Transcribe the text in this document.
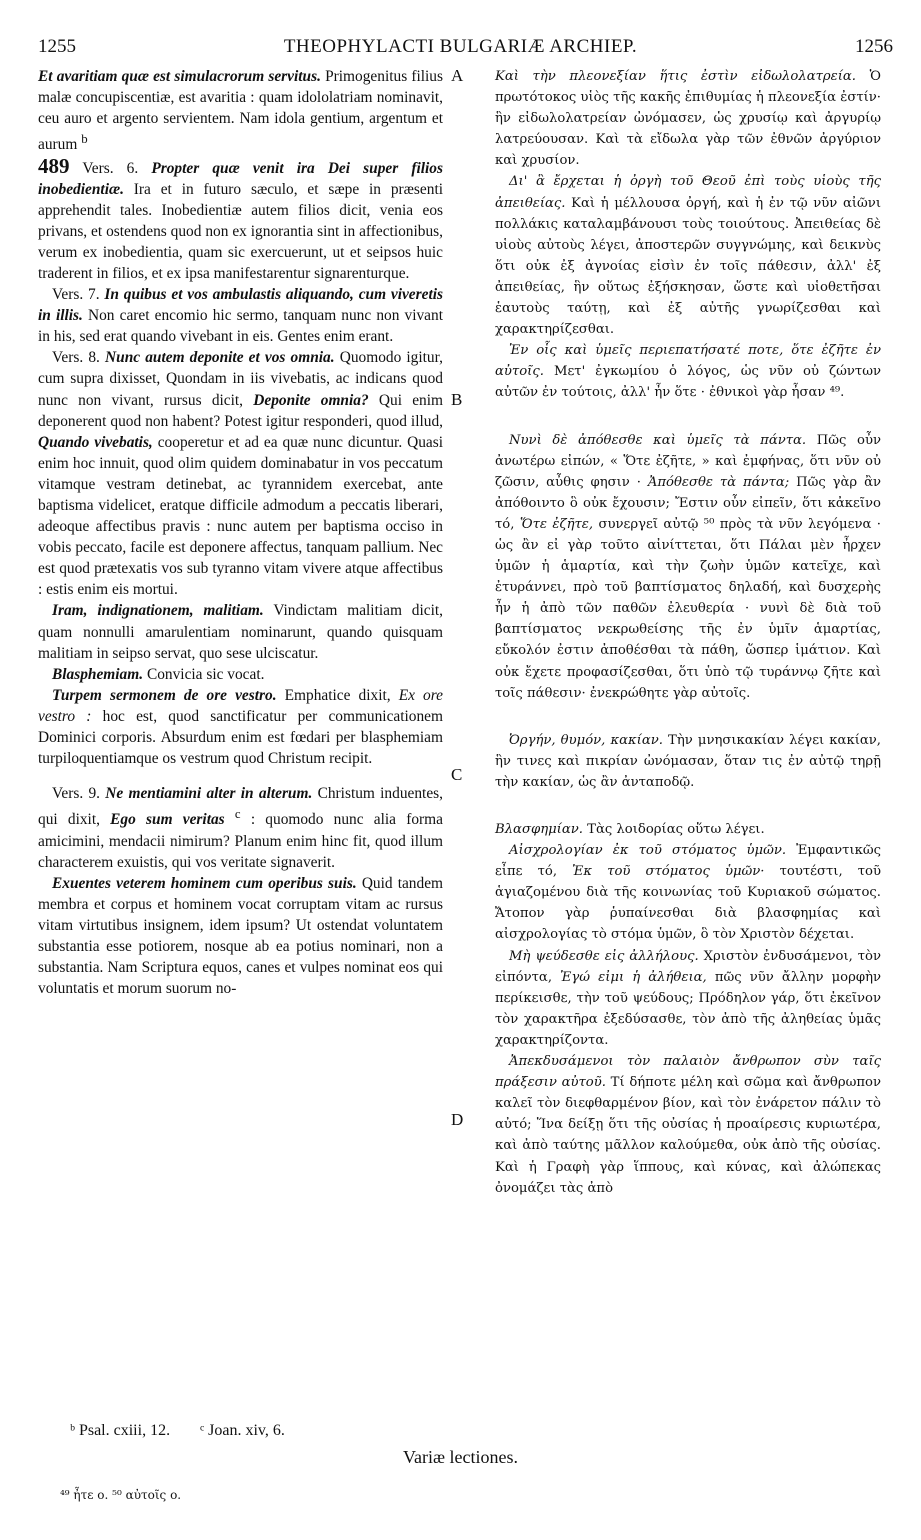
1255	THEOPHYLACTI BULGARIÆ ARCHIEP.	1256
A
B
C
D

Et avaritiam quæ est simulacrorum servitus. Primogenitus filius malæ concupiscentiæ, est avaritia : quam idololatriam nominavit, ceu auro et argento servientem. Nam idola gentium, argentum et aurum $^b$

489 Vers. 6. Propter quæ venit ira Dei super filios inobedientiæ. Ira et in futuro sæculo, et sæpe in præsenti apprehendit tales. Inobedientiæ autem filios dicit, venia eos privans, et ostendens quod non ex ignorantia sint in affectionibus, verum ex inobedientia, quam sic exercuerunt, ut et seipsos huic traderent in filios, et ex ipsa manifestarentur signarenturque.

Vers. 7. In quibus et vos ambulastis aliquando, cum viveretis in illis. Non caret encomio hic sermo, tanquam nunc non vivant in his, sed erat quando vivebant in eis. Gentes enim erant.

Vers. 8. Nunc autem deponite et vos omnia. Quomodo igitur, cum supra dixisset, Quondam in iis vivebatis, ac indicans quod nunc non vivant, rursus dicit, Deponite omnia? Qui enim deponerent quod non habent? Potest igitur responderi, quod illud, Quando vivebatis, cooperetur et ad ea quæ nunc dicuntur. Quasi enim hoc innuit, quod olim quidem dominabatur in vos peccatum vitamque vestram detinebat, ac tyrannidem exercebat, ante baptisma videlicet, eratque difficile admodum a peccatis liberari, adeoque affectibus pravis : nunc autem per baptisma occiso in vobis peccato, facile est deponere affectus, tanquam pallium. Nec est quod prætexatis vos sub tyranno vitam vivere atque affectibus : estis enim eis mortui.

Iram, indignationem, malitiam. Vindictam malitiam dicit, quam nonnulli amarulentiam nominarunt, quando quisquam malitiam in seipso servat, quo sese ulciscatur.

Blasphemiam. Convicia sic vocat.

Turpem sermonem de ore vestro. Emphatice dixit, Ex ore vestro : hoc est, quod sanctificatur per communicationem Dominici corporis. Absurdum enim est fœdari per blasphemiam turpiloquentiamque os vestrum quod Christum recipit.

Vers. 9. Ne mentiamini alter in alterum. Christum induentes, qui dixit, Ego sum veritas $^c$ : quomodo nunc alia forma amicimini, mendacii nimirum? Planum enim hinc fit, quod illum characterem exuistis, qui vos veritate signaverit.

Exuentes veterem hominem cum operibus suis. Quid tandem membra et corpus et hominem vocat corruptam vitam ac rursus vitam virtutibus insignem, idem ipsum? Ut ostendat voluntatem substantia esse potiorem, nosque ab ea potius nominari, non a substantia. Nam Scriptura equos, canes et vulpes nominat eos qui voluntatis et morum suorum no-

Καὶ τὴν πλεονεξίαν ἥτις ἐστὶν εἰδωλολατρεία. Ὁ πρωτότοκος υἱὸς τῆς κακῆς ἐπιθυμίας ἡ πλεονεξία ἐστίν· ἣν εἰδωλολατρείαν ὠνόμασεν, ὡς χρυσίῳ καὶ ἀργυρίῳ λατρεύουσαν. Καὶ τὰ εἴδωλα γὰρ τῶν ἐθνῶν ἀργύριον καὶ χρυσίον.

Δι' ἃ ἔρχεται ἡ ὀργὴ τοῦ Θεοῦ ἐπὶ τοὺς υἱοὺς τῆς ἀπειθείας. Καὶ ἡ μέλλουσα ὀργή, καὶ ἡ ἐν τῷ νῦν αἰῶνι πολλάκις καταλαμβάνουσι τοὺς τοιούτους. Ἀπειθείας δὲ υἱοὺς αὐτοὺς λέγει, ἀποστερῶν συγγνώμης, καὶ δεικνὺς ὅτι οὐκ ἐξ ἀγνοίας εἰσὶν ἐν τοῖς πάθεσιν, ἀλλ' ἐξ ἀπειθείας, ἣν οὕτως ἐξήσκησαν, ὥστε καὶ υἱοθετῆσαι ἑαυτοὺς ταύτῃ, καὶ ἐξ αὐτῆς γνωρίζεσθαι καὶ χαρακτηρίζεσθαι.

Ἐν οἷς καὶ ὑμεῖς περιεπατήσατέ ποτε, ὅτε ἐζῆτε ἐν αὐτοῖς. Μετ' ἐγκωμίου ὁ λόγος, ὡς νῦν οὐ ζώντων αὐτῶν ἐν τούτοις, ἀλλ' ἦν ὅτε · ἐθνικοὶ γὰρ ἦσαν ⁴⁹.

Νυνὶ δὲ ἀπόθεσθε καὶ ὑμεῖς τὰ πάντα. Πῶς οὖν ἀνωτέρω εἰπών, « Ὅτε ἐζῆτε, » καὶ ἐμφήνας, ὅτι νῦν οὐ ζῶσιν, αὖθις φησιν · Ἀπόθεσθε τὰ πάντα; Πῶς γὰρ ἂν ἀπόθοιντο ὃ οὐκ ἔχουσιν; Ἔστιν οὖν εἰπεῖν, ὅτι κἀκεῖνο τό, Ὅτε ἐζῆτε, συνεργεῖ αὐτῷ ⁵⁰ πρὸς τὰ νῦν λεγόμενα · ὡς ἂν εἰ γὰρ τοῦτο αἰνίττεται, ὅτι Πάλαι μὲν ἦρχεν ὑμῶν ἡ ἁμαρτία, καὶ τὴν ζωὴν ὑμῶν κατεῖχε, καὶ ἐτυράννει, πρὸ τοῦ βαπτίσματος δηλαδή, καὶ δυσχερὴς ἦν ἡ ἀπὸ τῶν παθῶν ἐλευθερία · νυνὶ δὲ διὰ τοῦ βαπτίσματος νεκρωθείσης τῆς ἐν ὑμῖν ἁμαρτίας, εὔκολόν ἐστιν ἀποθέσθαι τὰ πάθη, ὥσπερ ἱμάτιον. Καὶ οὐκ ἔχετε προφασίζεσθαι, ὅτι ὑπὸ τῷ τυράννῳ ζῆτε καὶ τοῖς πάθεσιν· ἐνεκρώθητε γὰρ αὐτοῖς.

Ὀργήν, θυμόν, κακίαν. Τὴν μνησικακίαν λέγει κακίαν, ἣν τινες καὶ πικρίαν ὠνόμασαν, ὅταν τις ἐν αὐτῷ τηρῇ τὴν κακίαν, ὡς ἂν ἀνταποδῷ.

Βλασφημίαν. Τὰς λοιδορίας οὕτω λέγει.

Αἰσχρολογίαν ἐκ τοῦ στόματος ὑμῶν. Ἐμφαντικῶς εἶπε τό, Ἐκ τοῦ στόματος ὑμῶν· τουτέστι, τοῦ ἁγιαζομένου διὰ τῆς κοινωνίας τοῦ Κυριακοῦ σώματος. Ἄτοπον γὰρ ῥυπαίνεσθαι διὰ βλασφημίας καὶ αἰσχρολογίας τὸ στόμα ὑμῶν, ὃ τὸν Χριστὸν δέχεται.

Μὴ ψεύδεσθε εἰς ἀλλήλους. Χριστὸν ἐνδυσάμενοι, τὸν εἰπόντα, Ἐγώ εἰμι ἡ ἀλήθεια, πῶς νῦν ἄλλην μορφὴν περίκεισθε, τὴν τοῦ ψεύδους; Πρόδηλον γάρ, ὅτι ἐκεῖνον τὸν χαρακτῆρα ἐξεδύσασθε, τὸν ἀπὸ τῆς ἀληθείας ὑμᾶς χαρακτηρίζοντα.

Ἀπεκδυσάμενοι τὸν παλαιὸν ἄνθρωπον σὺν ταῖς πράξεσιν αὐτοῦ. Τί δήποτε μέλη καὶ σῶμα καὶ ἄνθρωπον καλεῖ τὸν διεφθαρμένον βίον, καὶ τὸν ἐνάρετον πάλιν τὸ αὐτό; Ἵνα δείξῃ ὅτι τῆς οὐσίας ἡ προαίρεσις κυριωτέρα, καὶ ἀπὸ ταύτης μᾶλλον καλούμεθα, οὐκ ἀπὸ τῆς οὐσίας. Καὶ ἡ Γραφὴ γὰρ ἵππους, καὶ κύνας, καὶ ἀλώπεκας ὀνομάζει τὰς ἀπὸ

ᵇ Psal. cxiii, 12. ᶜ Joan. xiv, 6.
Variæ lectiones.
⁴⁹ ἦτε ο. ⁵⁰ αὐτοῖς ο.
